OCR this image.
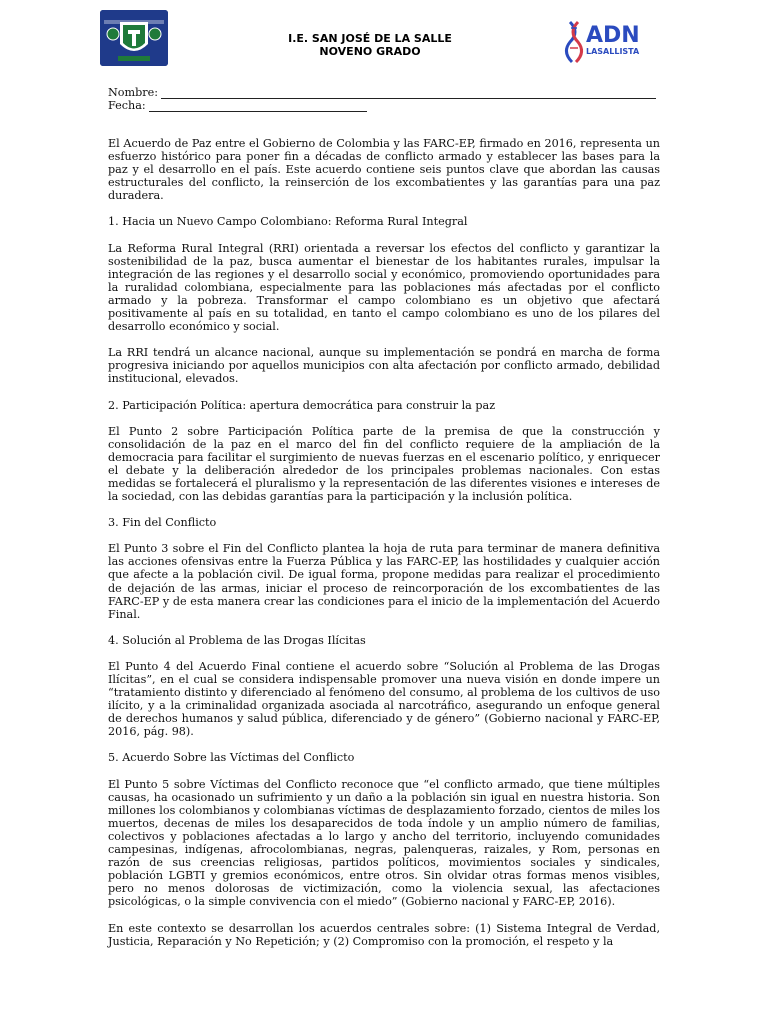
I.E. SAN JOSÉ DE LA SALLE
NOVENO GRADO
ADN
LASALLISTA
Nombre:
Fecha:

El Acuerdo de Paz entre el Gobierno de Colombia y las FARC-EP, firmado en 2016, representa un esfuerzo histórico para poner fin a décadas de conflicto armado y establecer las bases para la paz y el desarrollo en el país. Este acuerdo contiene seis puntos clave que abordan las causas estructurales del conflicto, la reinserción de los excombatientes y las garantías para una paz duradera.

1. Hacia un Nuevo Campo Colombiano: Reforma Rural Integral

La Reforma Rural Integral (RRI) orientada a reversar los efectos del conflicto y garantizar la sostenibilidad de la paz, busca aumentar el bienestar de los habitantes rurales, impulsar la integración de las regiones y el desarrollo social y económico, promoviendo oportunidades para la ruralidad colombiana, especialmente para las poblaciones más afectadas por el conflicto armado y la pobreza. Transformar el campo colombiano es un objetivo que afectará positivamente al país en su totalidad, en tanto el campo colombiano es uno de los pilares del desarrollo económico y social.

La RRI tendrá un alcance nacional, aunque su implementación se pondrá en marcha de forma progresiva iniciando por aquellos municipios con alta afectación por conflicto armado, debilidad institucional, elevados.

2. Participación Política: apertura democrática para construir la paz

El Punto 2 sobre Participación Política parte de la premisa de que la construcción y consolidación de la paz en el marco del fin del conflicto requiere de la ampliación de la democracia para facilitar el surgimiento de nuevas fuerzas en el escenario político, y enriquecer el debate y la deliberación alrededor de los principales problemas nacionales. Con estas medidas se fortalecerá el pluralismo y la representación de las diferentes visiones e intereses de la sociedad, con las debidas garantías para la participación y la inclusión política.

3. Fin del Conflicto

El Punto 3 sobre el Fin del Conflicto plantea la hoja de ruta para terminar de manera definitiva las acciones ofensivas entre la Fuerza Pública y las FARC-EP, las hostilidades y cualquier acción que afecte a la población civil. De igual forma, propone medidas para realizar el procedimiento de dejación de las armas, iniciar el proceso de reincorporación de los excombatientes de las FARC-EP y de esta manera crear las condiciones para el inicio de la implementación del Acuerdo Final.

4. Solución al Problema de las Drogas Ilícitas

El Punto 4 del Acuerdo Final contiene el acuerdo sobre “Solución al Problema de las Drogas Ilícitas”, en el cual se considera indispensable promover una nueva visión en donde impere un “tratamiento distinto y diferenciado al fenómeno del consumo, al problema de los cultivos de uso ilícito, y a la criminalidad organizada asociada al narcotráfico, asegurando un enfoque general de derechos humanos y salud pública, diferenciado y de género” (Gobierno nacional y FARC-EP, 2016, pág. 98).

5. Acuerdo Sobre las Víctimas del Conflicto

El Punto 5 sobre Víctimas del Conflicto reconoce que “el conflicto armado, que tiene múltiples causas, ha ocasionado un sufrimiento y un daño a la población sin igual en nuestra historia. Son millones los colombianos y colombianas víctimas de desplazamiento forzado, cientos de miles los muertos, decenas de miles los desaparecidos de toda índole y un amplio número de familias, colectivos y poblaciones afectadas a lo largo y ancho del territorio, incluyendo comunidades campesinas, indígenas, afrocolombianas, negras, palenqueras, raizales, y Rom, personas en razón de sus creencias religiosas, partidos políticos, movimientos sociales y sindicales, población LGBTI y gremios económicos, entre otros. Sin olvidar otras formas menos visibles, pero no menos dolorosas de victimización, como la violencia sexual, las afectaciones psicológicas, o la simple convivencia con el miedo” (Gobierno nacional y FARC-EP, 2016).

En este contexto se desarrollan los acuerdos centrales sobre: (1) Sistema Integral de Verdad, Justicia, Reparación y No Repetición; y (2) Compromiso con la promoción, el respeto y la
